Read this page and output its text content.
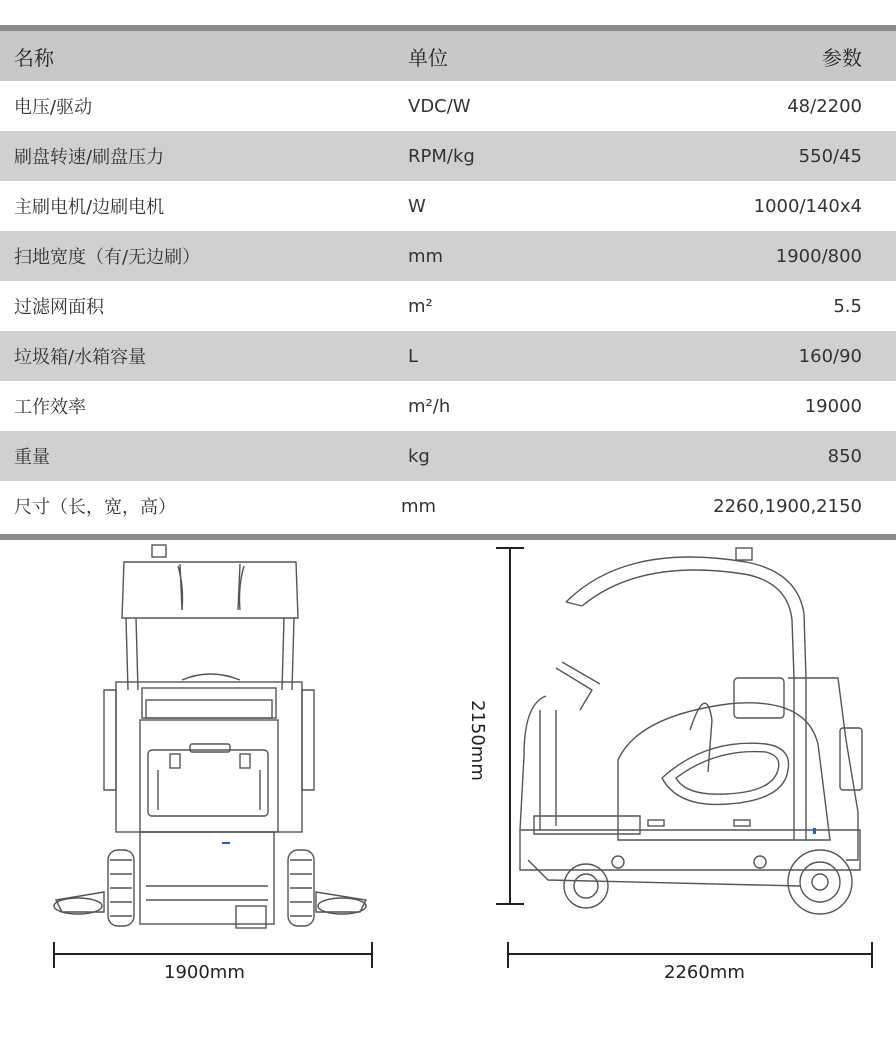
名称	单位	参数
电压/驱动	VDC/W	48/2200
刷盘转速/刷盘压力	RPM/kg	550/45
主刷电机/边刷电机	W	1000/140x4
扫地宽度（有/无边刷）	mm	1900/800
过滤网面积	m²	5.5
垃圾箱/水箱容量	L	160/90
工作效率	m²/h	19000
重量	kg	850
尺寸（长，宽，高）	mm	2260,1900,2150
1900mm	2260mm
2150mm
